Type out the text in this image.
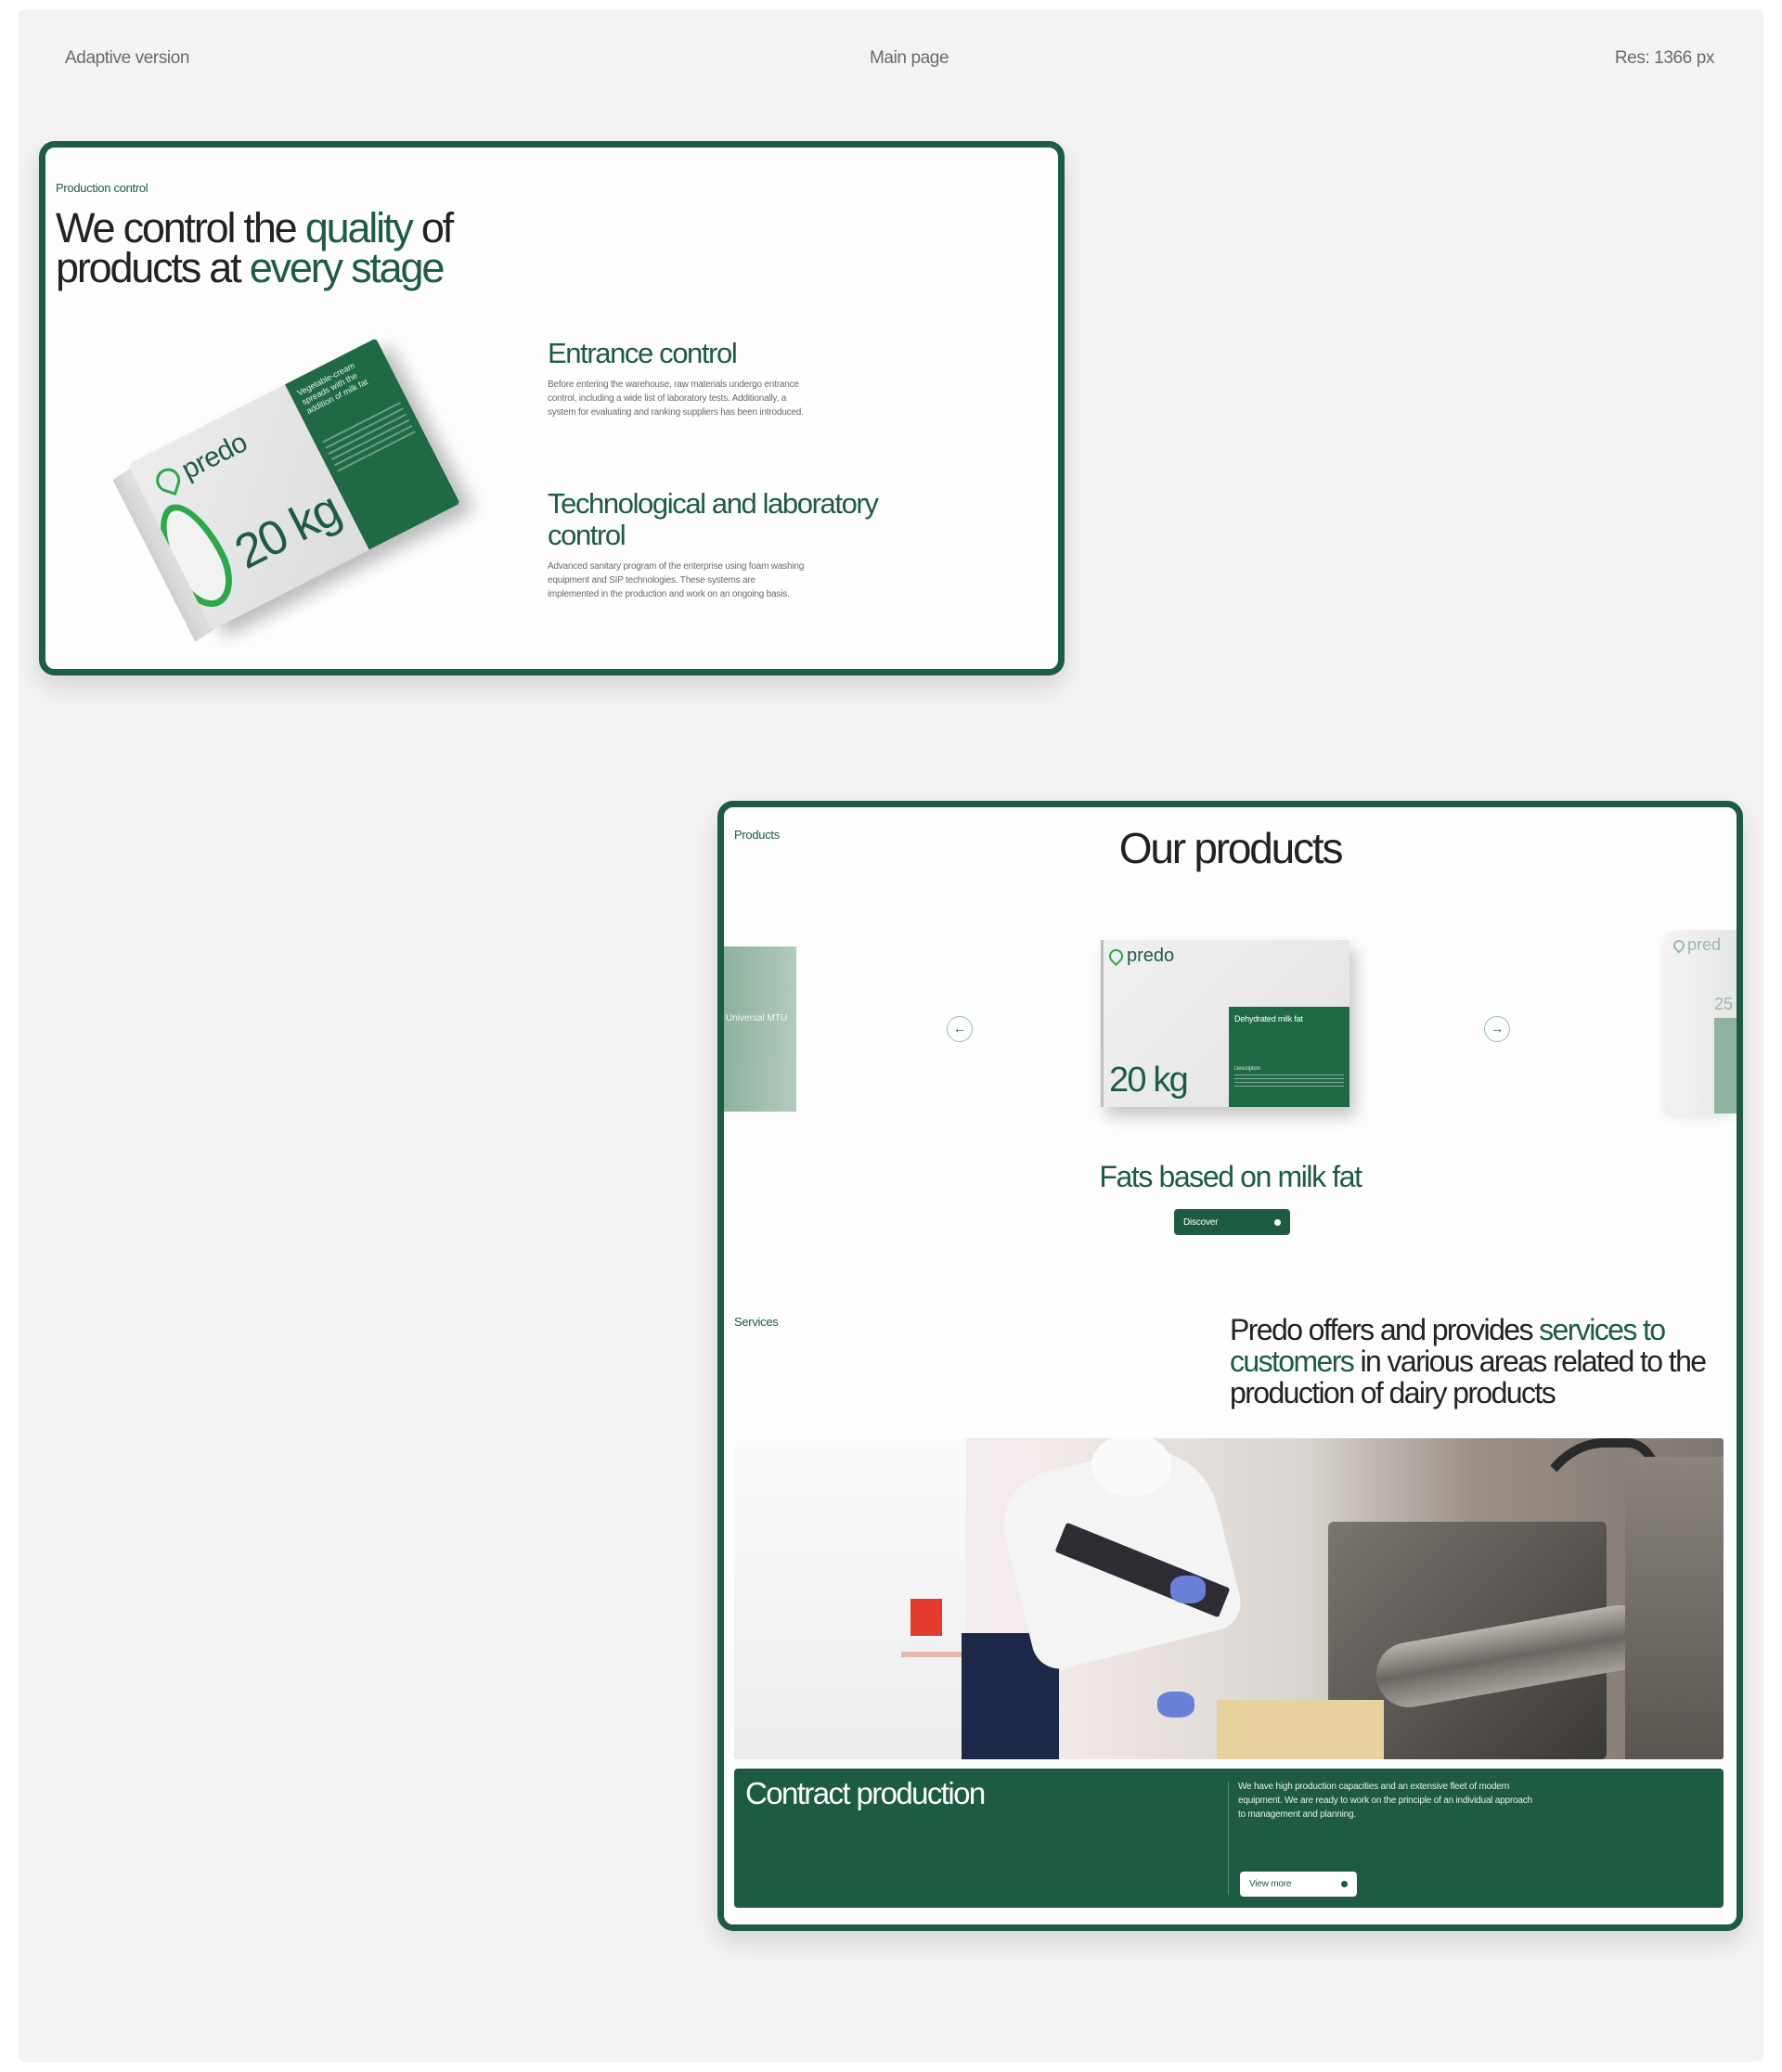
Adaptive version	Main page	Res: 1366 px
Production control
We control the quality of products at every stage
predo
20 kg
Vegetable-cream spreads with the addition of milk fat
Entrance control

Before entering the warehouse, raw materials undergo entrance control, including a wide list of laboratory tests. Additionally, a system for evaluating and ranking suppliers has been introduced.

Technological and laboratory control

Advanced sanitary program of the enterprise using foam washing equipment and SIP technologies. These systems are implemented in the production and work on an ongoing basis.

Products	Our products
Universal MTU
←
predo
20 kg
Dehydrated milk fat
Description
→
pred
25
Fats based on milk fat
Discover
Services	Predo offers and provides services to customers in various areas related to the production of dairy products
Contract production	We have high production capacities and an extensive fleet of modern equipment. We are ready to work on the principle of an individual approach to management and planning.
View more
